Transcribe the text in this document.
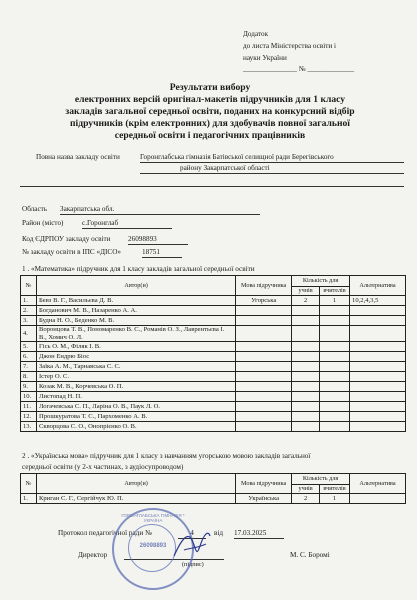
Додаток
до листа Міністерства освіти і
науки України
_______________ № _____________
Результати вибору
електронних версій оригінал-макетів підручників для 1 класу
закладів загальної середньої освіти, поданих на конкурсний відбір
підручників (крім електронних) для здобувачів повної загальної
середньої освіти і педагогічних працівників
Повна назва закладу освіти	Горонглабська гімназія Батівської селищної ради Берегівського
району Закарпатської області
Область Закарпатська обл.
Район (місто)	с.Горонглаб
Код ЄДРПОУ закладу освіти 26098893
№ закладу освіти в ІПС «ДІСО»	18751
1 . «Математика» підручник для 1 класу закладів загальної середньої освіти
№	Автор(и)	Мова підручника	Кількість для		Альтернатива
			учнів	вчителів	
1.	Бевз В. Г., Васильєва Д. В.	Угорська	2	1	10,2,4,3,5
2.	Богданович М. В., Назаренко А. А.				
3.	Будна Н. О., Беденко М. В.				
4.	Воронцова Т. В., Пономаренко В. С., Романів О. З., Лаврентьєва І. В., Хомич О. Л.				
5.	Гісь О. М., Філяк І. В.				
6.	Джон Ендрю Біос				
7.	Заїка А. М., Тарнавська С. С.				
8.	Істер О. С.				
9.	Козак М. В., Корчевська О. П.				
10.	Листопад Н. П.				
11.	Логачевська С. П., Ларіна О. В., Паук Л. О.				
12.	Прошкуратова Т. С., Пархоменко А. В.				
13.	Скворцова С. О., Онопрієнко О. В.				
2 . «Українська мова» підручник для 1 класу з навчанням угорською мовою закладів загальної
середньої освіти (у 2-х частинах, з аудіосупроводом)
№	Автор(и)	Мова підручника	Кількість для		Альтернатива
			учнів	вчителів	
1.	Криган С. Г., Сергійчук Ю. П.	Українська	2	1	
Протокол педагогічної ради №	4	від 17.03.2025
Директор
(підпис)
М. С. Боромі
ГОРОНГЛАБСЬКА ГІМНАЗІЯ * УКРАЇНА
26098893
